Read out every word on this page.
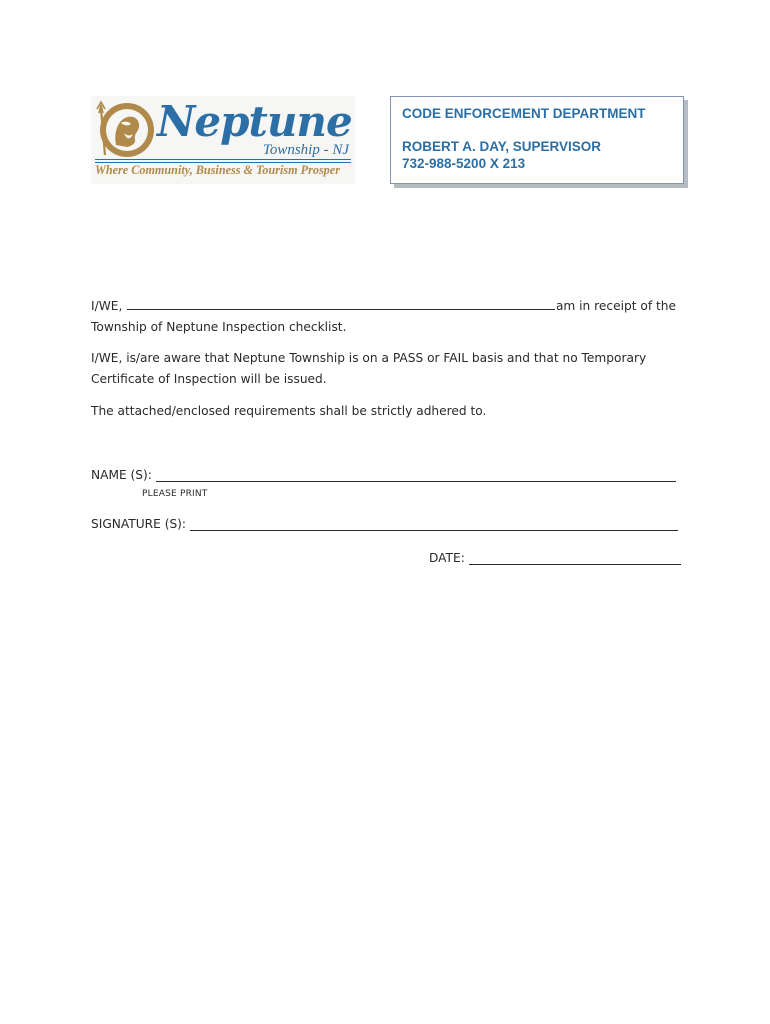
Neptune
Township - NJ
Where Community, Business & Tourism Prosper
CODE ENFORCEMENT DEPARTMENT
ROBERT A. DAY, SUPERVISOR
732-988-5200 X 213
I/WE,	am in receipt of the
Township of Neptune Inspection checklist.
I/WE, is/are aware that Neptune Township is on a PASS or FAIL basis and that no Temporary Certificate of Inspection will be issued.
The attached/enclosed requirements shall be strictly adhered to.
NAME (S):
PLEASE PRINT
SIGNATURE (S):
DATE:
